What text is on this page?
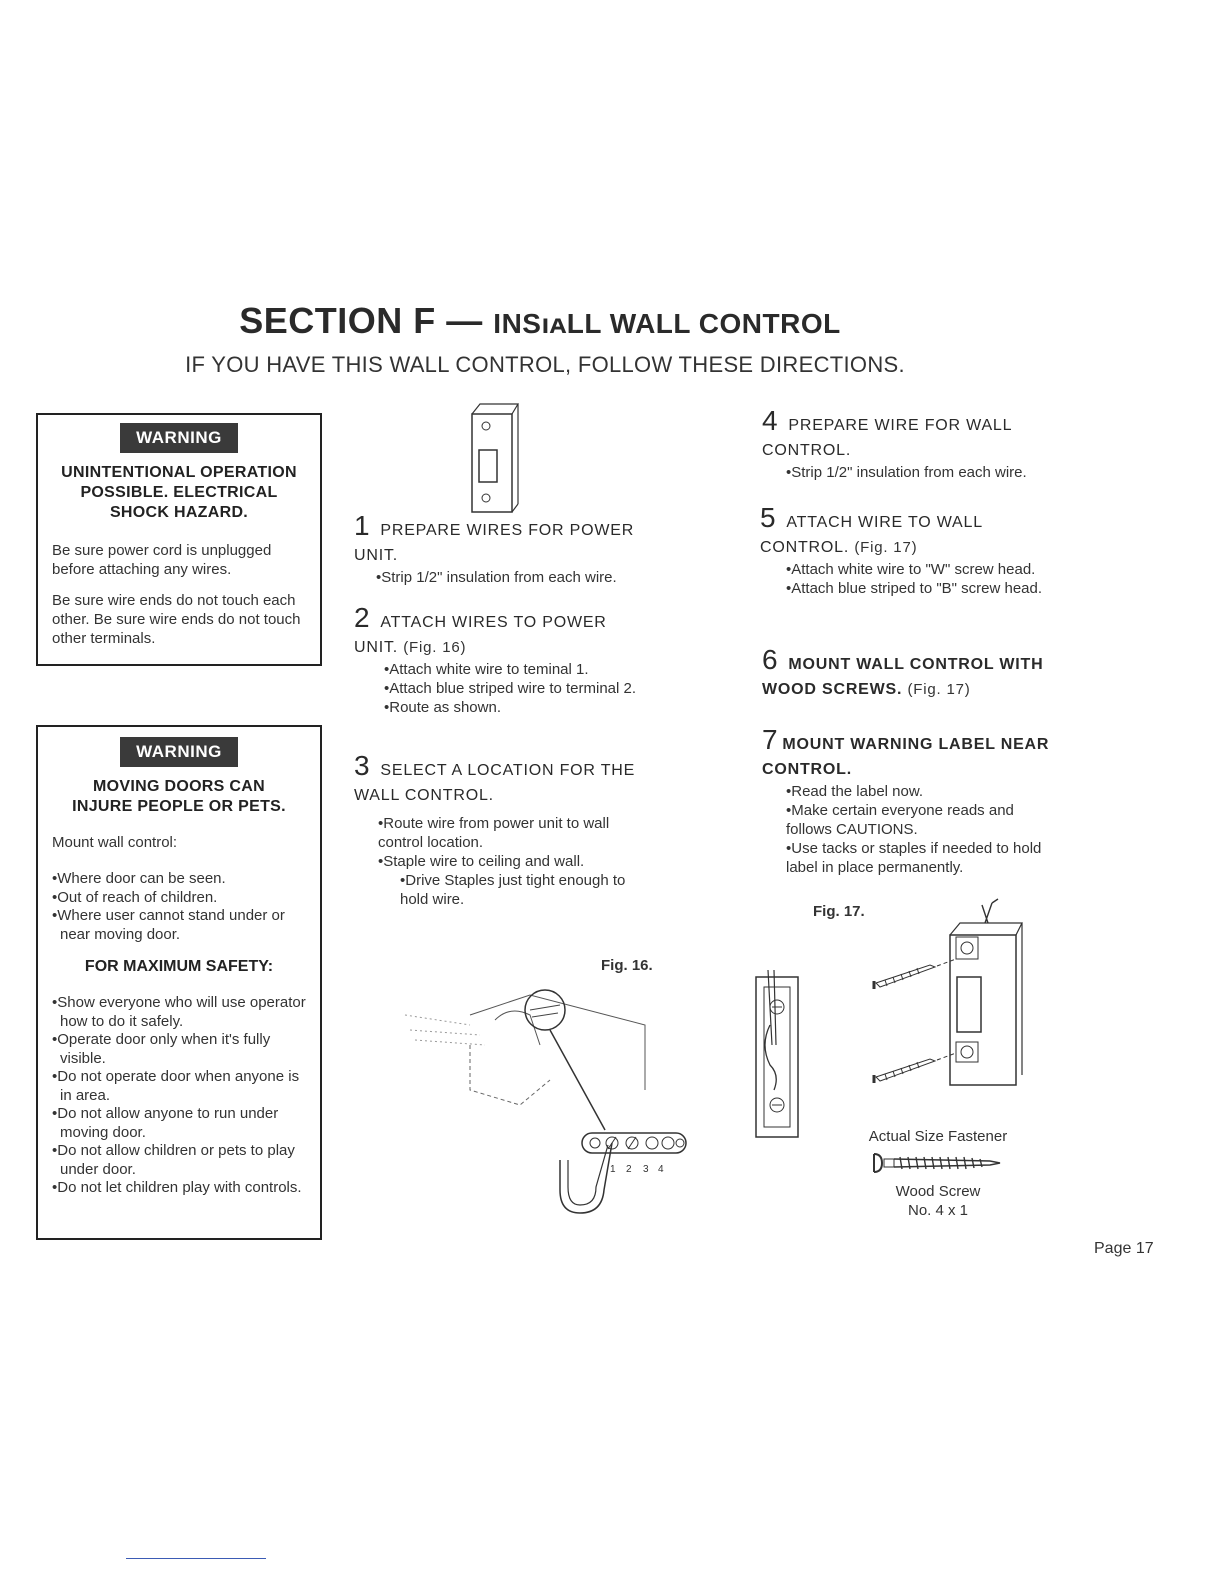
SECTION F — INSıᴀLL WALL CONTROL
IF YOU HAVE THIS WALL CONTROL, FOLLOW THESE DIRECTIONS.
WARNING
UNINTENTIONAL OPERATION POSSIBLE. ELECTRICAL SHOCK HAZARD.

Be sure power cord is unplugged before attaching any wires.

Be sure wire ends do not touch each other. Be sure wire ends do not touch other terminals.

WARNING
MOVING DOORS CAN INJURE PEOPLE OR PETS.

Mount wall control:

•Where door can be seen.

•Out of reach of children.

•Where user cannot stand under or near moving door.

FOR MAXIMUM SAFETY:

•Show everyone who will use operator how to do it safely.

•Operate door only when it's fully visible.

•Do not operate door when anyone is in area.

•Do not allow anyone to run under moving door.

•Do not allow children or pets to play under door.

•Do not let children play with controls.

1 PREPARE WIRES FOR POWER UNIT.
•Strip 1/2" insulation from each wire.
2 ATTACH WIRES TO POWER UNIT. (Fig. 16)
•Attach white wire to teminal 1.
•Attach blue striped wire to terminal 2.
•Route as shown.
3 SELECT A LOCATION FOR THE WALL CONTROL.
•Route wire from power unit to wall control location.
•Staple wire to ceiling and wall.
•Drive Staples just tight enough to hold wire.
Fig. 16.
1 2 3 4
4 PREPARE WIRE FOR WALL CONTROL.
•Strip 1/2" insulation from each wire.
5 ATTACH WIRE TO WALL CONTROL. (Fig. 17)
•Attach white wire to "W" screw head.
•Attach blue striped to "B" screw head.
6 MOUNT WALL CONTROL WITH WOOD SCREWS. (Fig. 17)
7 MOUNT WARNING LABEL NEAR CONTROL.
•Read the label now.
•Make certain everyone reads and follows CAUTIONS.
•Use tacks or staples if needed to hold label in place permanently.
Fig. 17.
Actual Size Fastener
Wood Screw
No. 4 x 1
Page 17
